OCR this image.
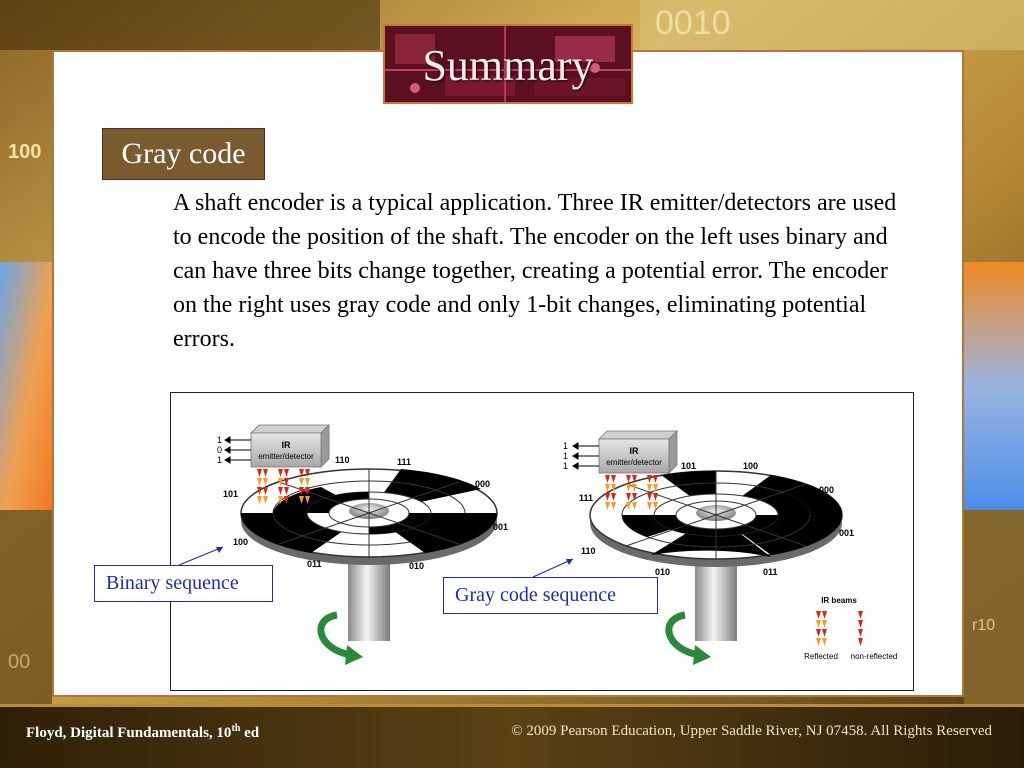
100
0010
00
r10
Summary
Gray code

A shaft encoder is a typical application. Three IR emitter/detectors are used to encode the position of the shaft. The encoder on the left uses binary and can have three bits change together, creating a potential error. The encoder on the right uses gray code and only 1-bit changes, eliminating potential errors.

IR
emitter/detector
1
0
1	110	111
000
001
010
011
100
101
IR
emitter/detector
1
1
1	101	100
000
001
011
010
110
111
IR beams
Reflected non-reflected
Binary sequence
Gray code sequence
Floyd, Digital Fundamentals, 10th ed	© 2009 Pearson Education, Upper Saddle River, NJ 07458. All Rights Reserved
